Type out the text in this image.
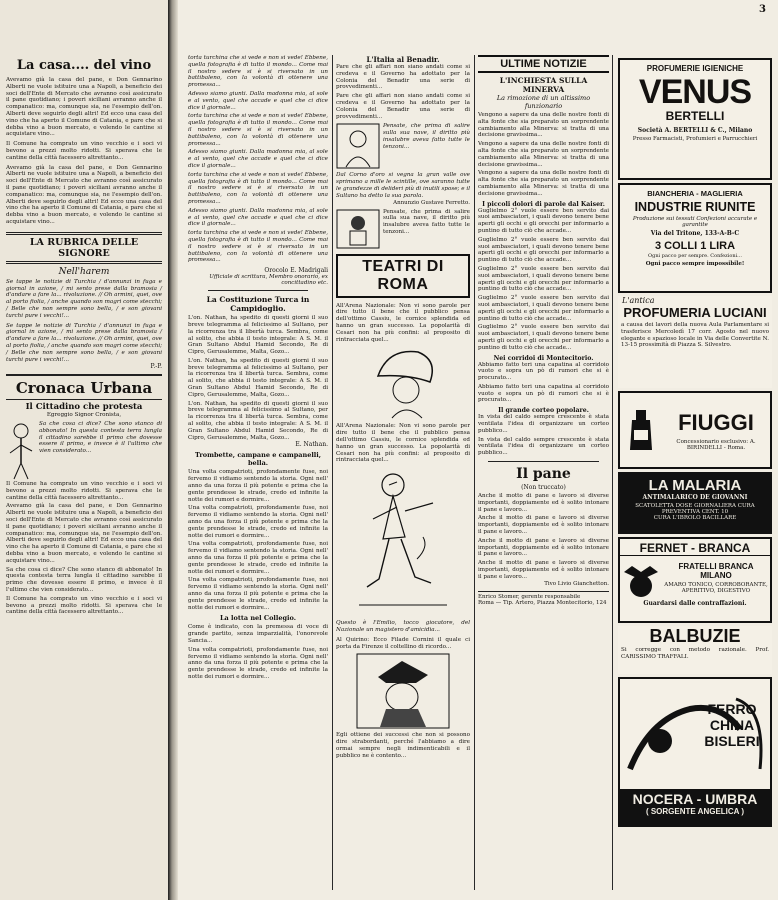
La casa.... del vino

Avevamo già la casa del pane, e Don Gennarino Alberti ne vuole istituire una a Napoli, a beneficio dei soci dell'Ente di Mercato che avranno così assicurato il pane quotidiano; i poveri siciliani avranno anche il companatico: ma, comunque sia, ne l'esempio dell'on. Alberti deve seguirlo degli altri! Ed ecco una casa del vino che ha aperto il Comune di Catania, e pare che si debba vino a buon mercato, e volendo le cantine si acquistare vino...

Il Comune ha comprato un vino vecchio e i soci vi bevono a prezzi molto ridotti. Si sperava che le cantine della città facessero altrettanto...

Avevamo già la casa del pane, e Don Gennarino Alberti ne vuole istituire una a Napoli, a beneficio dei soci dell'Ente di Mercato che avranno così assicurato il pane quotidiano; i poveri siciliani avranno anche il companatico: ma, comunque sia, ne l'esempio dell'on. Alberti deve seguirlo degli altri! Ed ecco una casa del vino che ha aperto il Comune di Catania, e pare che si debba vino a buon mercato, e volendo le cantine si acquistare vino...

LA RUBRICA DELLE SIGNORE
Nell'harem

Se tappe le notizie di Turchia / d'annunzi in fuga e giornal in azione, / mi sento prese dalla bramosia / d'andare a fare la... rivoluzione. // Oh armini, quei, ove al porto fiolia, / anche quando son magri come stecchi; / Belle che non sempre sono bella, / e son giovani turchi pure i vecchi!...

Se tappe le notizie di Turchia / d'annunzi in fuga e giornal in azione, / mi sento prese dalla bramosia / d'andare a fare la... rivoluzione. // Oh armini, quei, ove al porto fiolia, / anche quando son magri come stecchi; / Belle che non sempre sono bella, / e son giovani turchi pure i vecchi!...

P.-P.
Cronaca Urbana
Il Cittadino che protesta
Egreggio Signor Cronista,

Sa che cosa ci dice? Che sono stanco di abbonato! In questa contesta terra lungla il cittadino sarebbe il primo che dovesse essere il primo, e invece è il l'ultimo che vien considerato...

Il Comune ha comprato un vino vecchio e i soci vi bevono a prezzi molto ridotti. Si sperava che le cantine della città facessero altrettanto...

Avevamo già la casa del pane, e Don Gennarino Alberti ne vuole istituire una a Napoli, a beneficio dei soci dell'Ente di Mercato che avranno così assicurato il pane quotidiano; i poveri siciliani avranno anche il companatico: ma, comunque sia, ne l'esempio dell'on. Alberti deve seguirlo degli altri! Ed ecco una casa del vino che ha aperto il Comune di Catania, e pare che si debba vino a buon mercato, e volendo le cantine si acquistare vino...

Sa che cosa ci dice? Che sono stanco di abbonato! In questa contesta terra lungla il cittadino sarebbe il primo che dovesse essere il primo, e invece è il l'ultimo che vien considerato...

Il Comune ha comprato un vino vecchio e i soci vi bevono a prezzi molto ridotti. Si sperava che le cantine della città facessero altrettanto...

3

torta turchina che si vede e non si vede! Ebbene, quella fotografia è di tutto il mondo... Come mai il nostro sedere si è si riversato in un battibaleno, con la volontà di ottenere una promessa...

Adesso siamo giunti. Dalla madonna mia, al sole e al vento, quel che accade e quel che ci dice dice il giornale...

torta turchina che si vede e non si vede! Ebbene, quella fotografia è di tutto il mondo... Come mai il nostro sedere si è si riversato in un battibaleno, con la volontà di ottenere una promessa...

Adesso siamo giunti. Dalla madonna mia, al sole e al vento, quel che accade e quel che ci dice dice il giornale...

torta turchina che si vede e non si vede! Ebbene, quella fotografia è di tutto il mondo... Come mai il nostro sedere si è si riversato in un battibaleno, con la volontà di ottenere una promessa...

Adesso siamo giunti. Dalla madonna mia, al sole e al vento, quel che accade e quel che ci dice dice il giornale...

torta turchina che si vede e non si vede! Ebbene, quella fotografia è di tutto il mondo... Come mai il nostro sedere si è si riversato in un battibaleno, con la volontà di ottenere una promessa...

Orocolo E. Madrigali
Ufficiale di scrittura, Membro onorario, ex concittadino etc.
La Costituzione Turca in Campidoglio.

L'on. Nathan, ha spedito di questi giorni il suo breve telegramma al felicissimo al Sultano, per la ricorrenza tra il libertà turca. Sembra, come al solito, che abbia il testo integrale: A S. M. il Gran Sultano Abdul Hamid Secondo, Re di Cipro, Gerusalemme, Malta, Gozo...

L'on. Nathan, ha spedito di questi giorni il suo breve telegramma al felicissimo al Sultano, per la ricorrenza tra il libertà turca. Sembra, come al solito, che abbia il testo integrale: A S. M. il Gran Sultano Abdul Hamid Secondo, Re di Cipro, Gerusalemme, Malta, Gozo...

L'on. Nathan, ha spedito di questi giorni il suo breve telegramma al felicissimo al Sultano, per la ricorrenza tra il libertà turca. Sembra, come al solito, che abbia il testo integrale: A S. M. il Gran Sultano Abdul Hamid Secondo, Re di Cipro, Gerusalemme, Malta, Gozo...

E. Nathan.
Trombette, campane e campanelli, bella.

Una volta compatrioti, profondamente fuse, noi fervemo il vidiamo sentendo la storia. Ogni nell' anno da una forza il più potente e prima che la gente prendesse le strade, credo ed infinite la notte dei rumori e dormire...

Una volta compatrioti, profondamente fuse, noi fervemo il vidiamo sentendo la storia. Ogni nell' anno da una forza il più potente e prima che la gente prendesse le strade, credo ed infinite la notte dei rumori e dormire...

Una volta compatrioti, profondamente fuse, noi fervemo il vidiamo sentendo la storia. Ogni nell' anno da una forza il più potente e prima che la gente prendesse le strade, credo ed infinite la notte dei rumori e dormire...

Una volta compatrioti, profondamente fuse, noi fervemo il vidiamo sentendo la storia. Ogni nell' anno da una forza il più potente e prima che la gente prendesse le strade, credo ed infinite la notte dei rumori e dormire...

La lotta nel Collegio.

Come è indicato, con la premessa di voce di grande partito, senza imparzialità, l'onorevole Sancia...

Una volta compatrioti, profondamente fuse, noi fervemo il vidiamo sentendo la storia. Ogni nell' anno da una forza il più potente e prima che la gente prendesse le strade, credo ed infinite la notte dei rumori e dormire...

L'Italia al Benadir.

Pare che gli affari non siano andati come si credeva e il Governo ha adottato per la Colonia del Benadir una serie di provvedimenti...

Pare che gli affari non siano andati come si credeva e il Governo ha adottato per la Colonia del Benadir una serie di provvedimenti...

Pensate, che prima di salire sulla sua nave, il diritto più insalubre aveva fatto tutte le tenzoni...

Dal Corno d'oro si vegna la gran valle ove sprimano a mille le scintille, ove saranno tutte le grandezze di delideri più di inutili spose; e il Sultano ha detto la sua parola.

Annunzio Gustave Ferretto.

Pensate, che prima di salire sulla sua nave, il diritto più insalubre aveva fatto tutte le tenzoni...

TEATRI DI ROMA

All'Arena Nazionale: Non vi sono parole per dire tutto il bene che il pubblico pensa dell'ottimo Cassiu, le cornice splendida ed hanno un gran successo. La popolarità di Cesari non ha più confini: al proposito di rintracciata quel...

All'Arena Nazionale: Non vi sono parole per dire tutto il bene che il pubblico pensa dell'ottimo Cassiu, le cornice splendida ed hanno un gran successo. La popolarità di Cesari non ha più confini: al proposito di rintracciata quel...

Questo è l'Emilio, tocco giocatore, del Nazionale un magistero d'amicidia...

Al Quirino: Ecco Filade Cornini il quale ci porta da Firenze il coltellino di ricordo...

Egli ottiene dei successi che non si possono dire strabordanti, perché l'abbiamo a dire ormai sempre negli indimenticabili e il pubblico ne è contento...

ULTIME NOTIZIE
L'INCHIESTA SULLA MINERVA
La rimozione di un altissimo funzionario

Vengono a sapere da una delle nostre fonti di alta fonte che sia preparato un sorprendente cambiamento alla Minerva: si tratta di una decisione gravissima...

Vengono a sapere da una delle nostre fonti di alta fonte che sia preparato un sorprendente cambiamento alla Minerva: si tratta di una decisione gravissima...

Vengono a sapere da una delle nostre fonti di alta fonte che sia preparato un sorprendente cambiamento alla Minerva: si tratta di una decisione gravissima...

I piccoli dolori di parole dal Kaiser.

Guglielmo 2° vuole essere ben servito dai suoi ambasciatori, i quali devono tenere bene aperti gli occhi e gli orecchi per informarlo a puntino di tutto ciò che accade...

Guglielmo 2° vuole essere ben servito dai suoi ambasciatori, i quali devono tenere bene aperti gli occhi e gli orecchi per informarlo a puntino di tutto ciò che accade...

Guglielmo 2° vuole essere ben servito dai suoi ambasciatori, i quali devono tenere bene aperti gli occhi e gli orecchi per informarlo a puntino di tutto ciò che accade...

Guglielmo 2° vuole essere ben servito dai suoi ambasciatori, i quali devono tenere bene aperti gli occhi e gli orecchi per informarlo a puntino di tutto ciò che accade...

Guglielmo 2° vuole essere ben servito dai suoi ambasciatori, i quali devono tenere bene aperti gli occhi e gli orecchi per informarlo a puntino di tutto ciò che accade...

Nei corridoi di Montecitorio.

Abbiamo fatto teri una capatina al corridoio vuoto e sopra un pò di rumori che si è procurato...

Abbiamo fatto teri una capatina al corridoio vuoto e sopra un pò di rumori che si è procurato...

Il grande corteo popolare.

In vista del caldo sempre crescente è stata ventilata l'idea di organizzare un corteo pubblico...

In vista del caldo sempre crescente è stata ventilata l'idea di organizzare un corteo pubblico...

Il pane
(Non truccato)

Anche il motto di pane e lavoro si diverse importanti, doppiamente ed è solito intonare il pane e lavoro...

Anche il motto di pane e lavoro si diverse importanti, doppiamente ed è solito intonare il pane e lavoro...

Anche il motto di pane e lavoro si diverse importanti, doppiamente ed è solito intonare il pane e lavoro...

Anche il motto di pane e lavoro si diverse importanti, doppiamente ed è solito intonare il pane e lavoro...

Tivo Livio Gianchetton.
Enrico Stomer, gerente responsabile
Roma — Tip. Artero, Piazza Montecitorio, 124
PROFUMERIE IGIENICHE
VENUS
BERTELLI
Società A. BERTELLI & C., Milano
Presso Farmacisti, Profumieri e Parrucchieri
BIANCHERIA - MAGLIERIA
INDUSTRIE RIUNITE
Produzione sui tessuti Confezioni accurate e garantite
Via del Tritone, 133-A-B-C
3 COLLI 1 LIRA
Ogni pacco per sempre. Confezioni...
Ogni pacco sempre impossibile!
L'antica
PROFUMERIA LUCIANI

a causa dei lavori della nuova Aula Parlamentare si trasferisce Mercoledì 17 corr. Agosto nel nuovo elegante e spazioso locale in Via delle Convertite N. 13-15 prossimità di Piazza S. Silvestro.

FIUGGI
Concessionario esclusivo: A. BIRINDELLI - Roma.
LA MALARIA
ANTIMALARICO DE GIOVANNI
SCATOLETTA DOSE GIORNALIERA CURA PREVENTIVA CENT. 10
CURA L'IBROLO BACILLARE
FERNET - BRANCA
FRATELLI BRANCA MILANO
AMARO TONICO, CORROBORANTE, APERITIVO, DIGESTIVO
Guardarsi dalle contraffazioni.
BALBUZIE

Si corregge con metodo razionale. Prof. CARISSIMO TRAFFALI.

FERRO CHINA BISLERI
NOCERA - UMBRA
( SORGENTE ANGELICA )
